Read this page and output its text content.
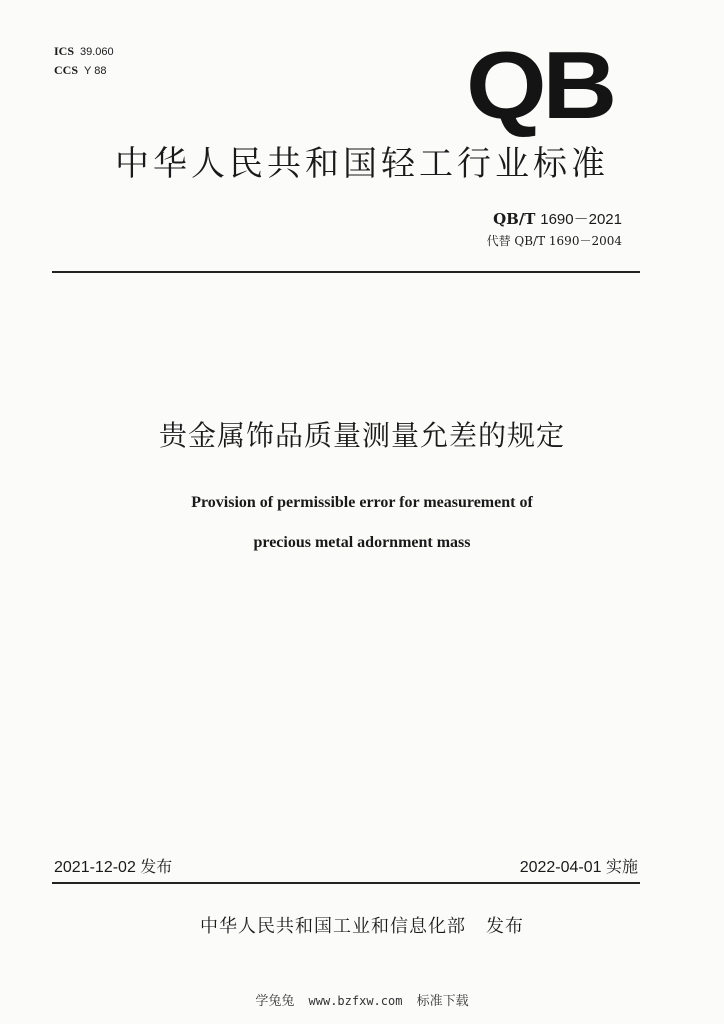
ICS 39.060
CCS Y 88	QB
中华人民共和国轻工行业标准
QB/T 1690－2021
代替 QB/T 1690－2004
贵金属饰品质量测量允差的规定
Provision of permissible error for measurement of
precious metal adornment mass
2021-12-02 发布	2022-04-01 实施
中华人民共和国工业和信息化部 发布
学兔兔 www.bzfxw.com 标准下载
